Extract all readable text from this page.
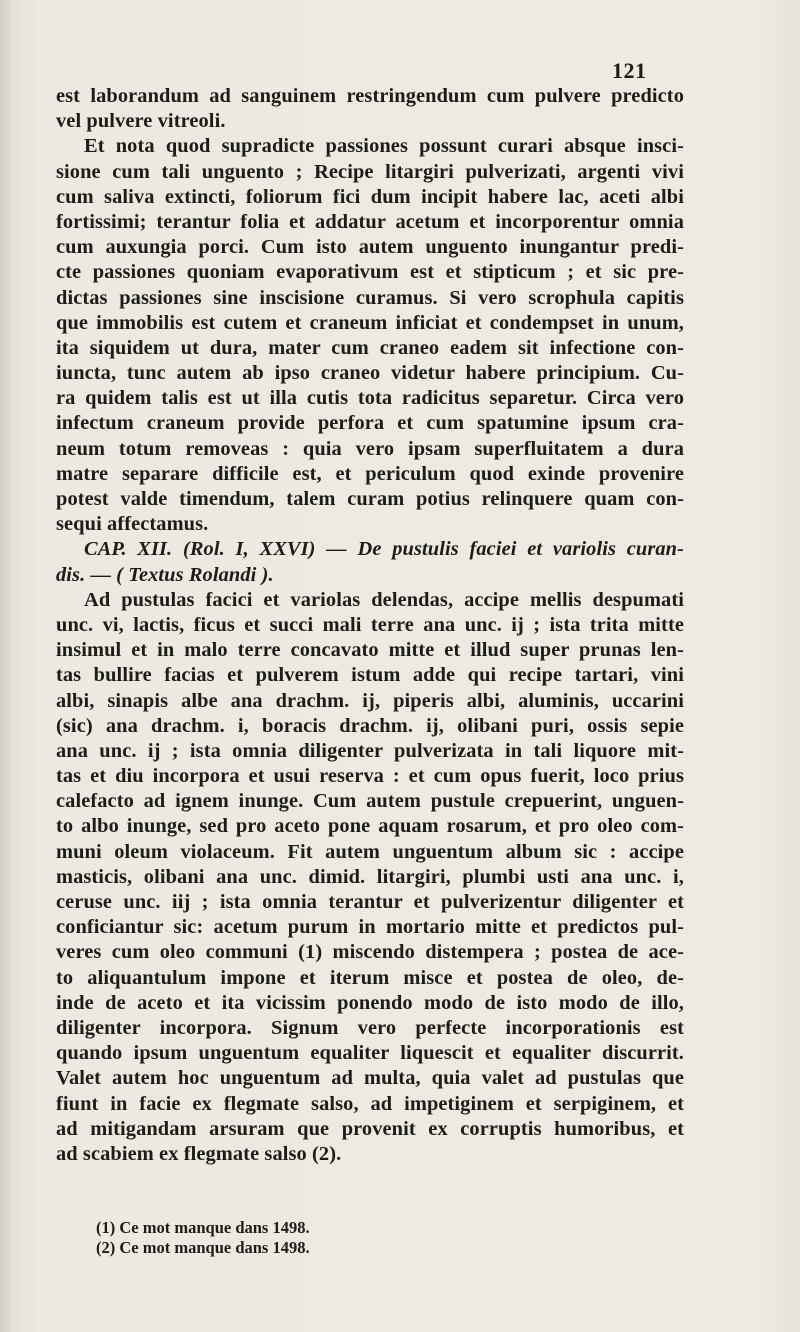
121
est laborandum ad sanguinem restringendum cum pulvere predicto
vel pulvere vitreoli.
Et nota quod supradicte passiones possunt curari absque insci-
sione cum tali unguento ; Recipe litargiri pulverizati, argenti vivi
cum saliva extincti, foliorum fici dum incipit habere lac, aceti albi
fortissimi; terantur folia et addatur acetum et incorporentur omnia
cum auxungia porci. Cum isto autem unguento inungantur predi-
cte passiones quoniam evaporativum est et stipticum ; et sic pre-
dictas passiones sine inscisione curamus. Si vero scrophula capitis
que immobilis est cutem et craneum inficiat et condempset in unum,
ita siquidem ut dura, mater cum craneo eadem sit infectione con-
iuncta, tunc autem ab ipso craneo videtur habere principium. Cu-
ra quidem talis est ut illa cutis tota radicitus separetur. Circa vero
infectum craneum provide perfora et cum spatumine ipsum cra-
neum totum removeas : quia vero ipsam superfluitatem a dura
matre separare difficile est, et periculum quod exinde provenire
potest valde timendum, talem curam potius relinquere quam con-
sequi affectamus.
CAP. XII. (Rol. I, XXVI) — De pustulis faciei et variolis curan-
dis. — ( Textus Rolandi ).
Ad pustulas facici et variolas delendas, accipe mellis despumati
unc. vi, lactis, ficus et succi mali terre ana unc. ij ; ista trita mitte
insimul et in malo terre concavato mitte et illud super prunas len-
tas bullire facias et pulverem istum adde qui recipe tartari, vini
albi, sinapis albe ana drachm. ij, piperis albi, aluminis, uccarini
(sic) ana drachm. i, boracis drachm. ij, olibani puri, ossis sepie
ana unc. ij ; ista omnia diligenter pulverizata in tali liquore mit-
tas et diu incorpora et usui reserva : et cum opus fuerit, loco prius
calefacto ad ignem inunge. Cum autem pustule crepuerint, unguen-
to albo inunge, sed pro aceto pone aquam rosarum, et pro oleo com-
muni oleum violaceum. Fit autem unguentum album sic : accipe
masticis, olibani ana unc. dimid. litargiri, plumbi usti ana unc. i,
ceruse unc. iij ; ista omnia terantur et pulverizentur diligenter et
conficiantur sic: acetum purum in mortario mitte et predictos pul-
veres cum oleo communi (1) miscendo distempera ; postea de ace-
to aliquantulum impone et iterum misce et postea de oleo, de-
inde de aceto et ita vicissim ponendo modo de isto modo de illo,
diligenter incorpora. Signum vero perfecte incorporationis est
quando ipsum unguentum equaliter liquescit et equaliter discurrit.
Valet autem hoc unguentum ad multa, quia valet ad pustulas que
fiunt in facie ex flegmate salso, ad impetiginem et serpiginem, et
ad mitigandam arsuram que provenit ex corruptis humoribus, et
ad scabiem ex flegmate salso (2).
(1) Ce mot manque dans 1498.
(2) Ce mot manque dans 1498.
